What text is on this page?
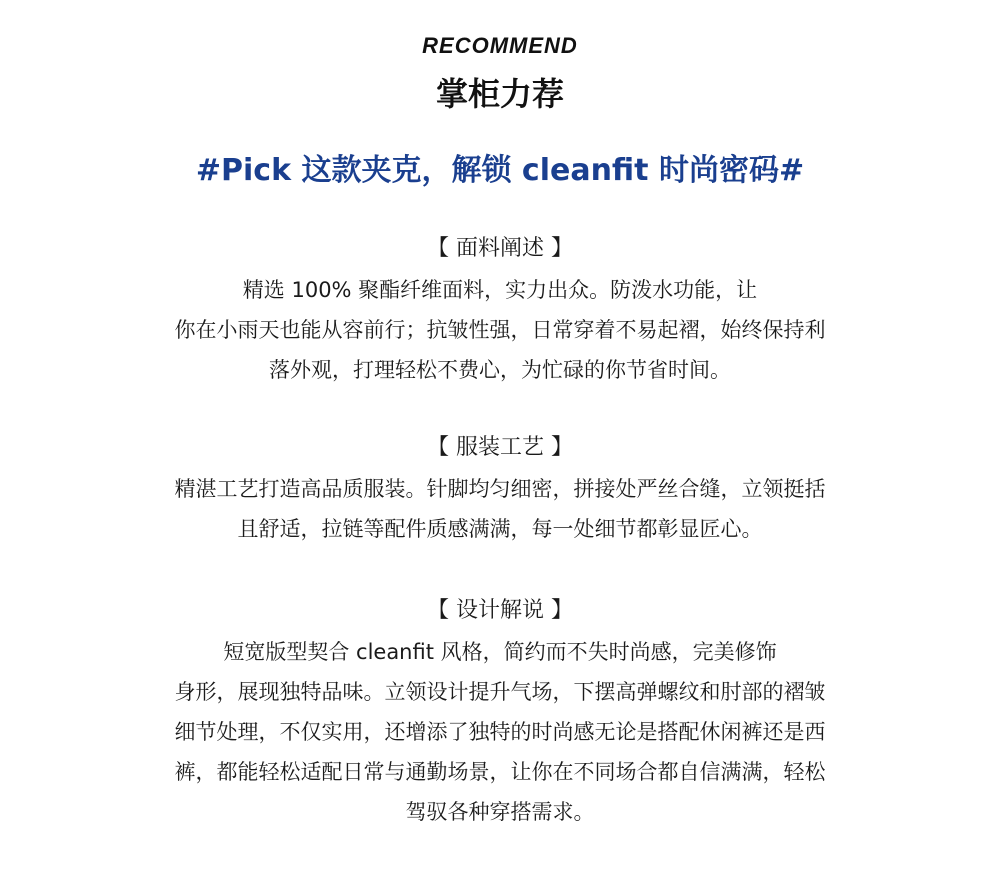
RECOMMEND
掌柜力荐
#Pick 这款夹克，解锁 cleanfit 时尚密码#
【 面料阐述 】
精选 100% 聚酯纤维面料，实力出众。防泼水功能，让
你在小雨天也能从容前行；抗皱性强，日常穿着不易起褶，始终保持利
落外观，打理轻松不费心，为忙碌的你节省时间。
【 服装工艺 】
精湛工艺打造高品质服装。针脚均匀细密，拼接处严丝合缝，立领挺括
且舒适，拉链等配件质感满满，每一处细节都彰显匠心。
【 设计解说 】
短宽版型契合 cleanfit 风格，简约而不失时尚感，完美修饰
身形，展现独特品味。立领设计提升气场，下摆高弹螺纹和肘部的褶皱
细节处理，不仅实用，还增添了独特的时尚感无论是搭配休闲裤还是西
裤，都能轻松适配日常与通勤场景，让你在不同场合都自信满满，轻松
驾驭各种穿搭需求。
